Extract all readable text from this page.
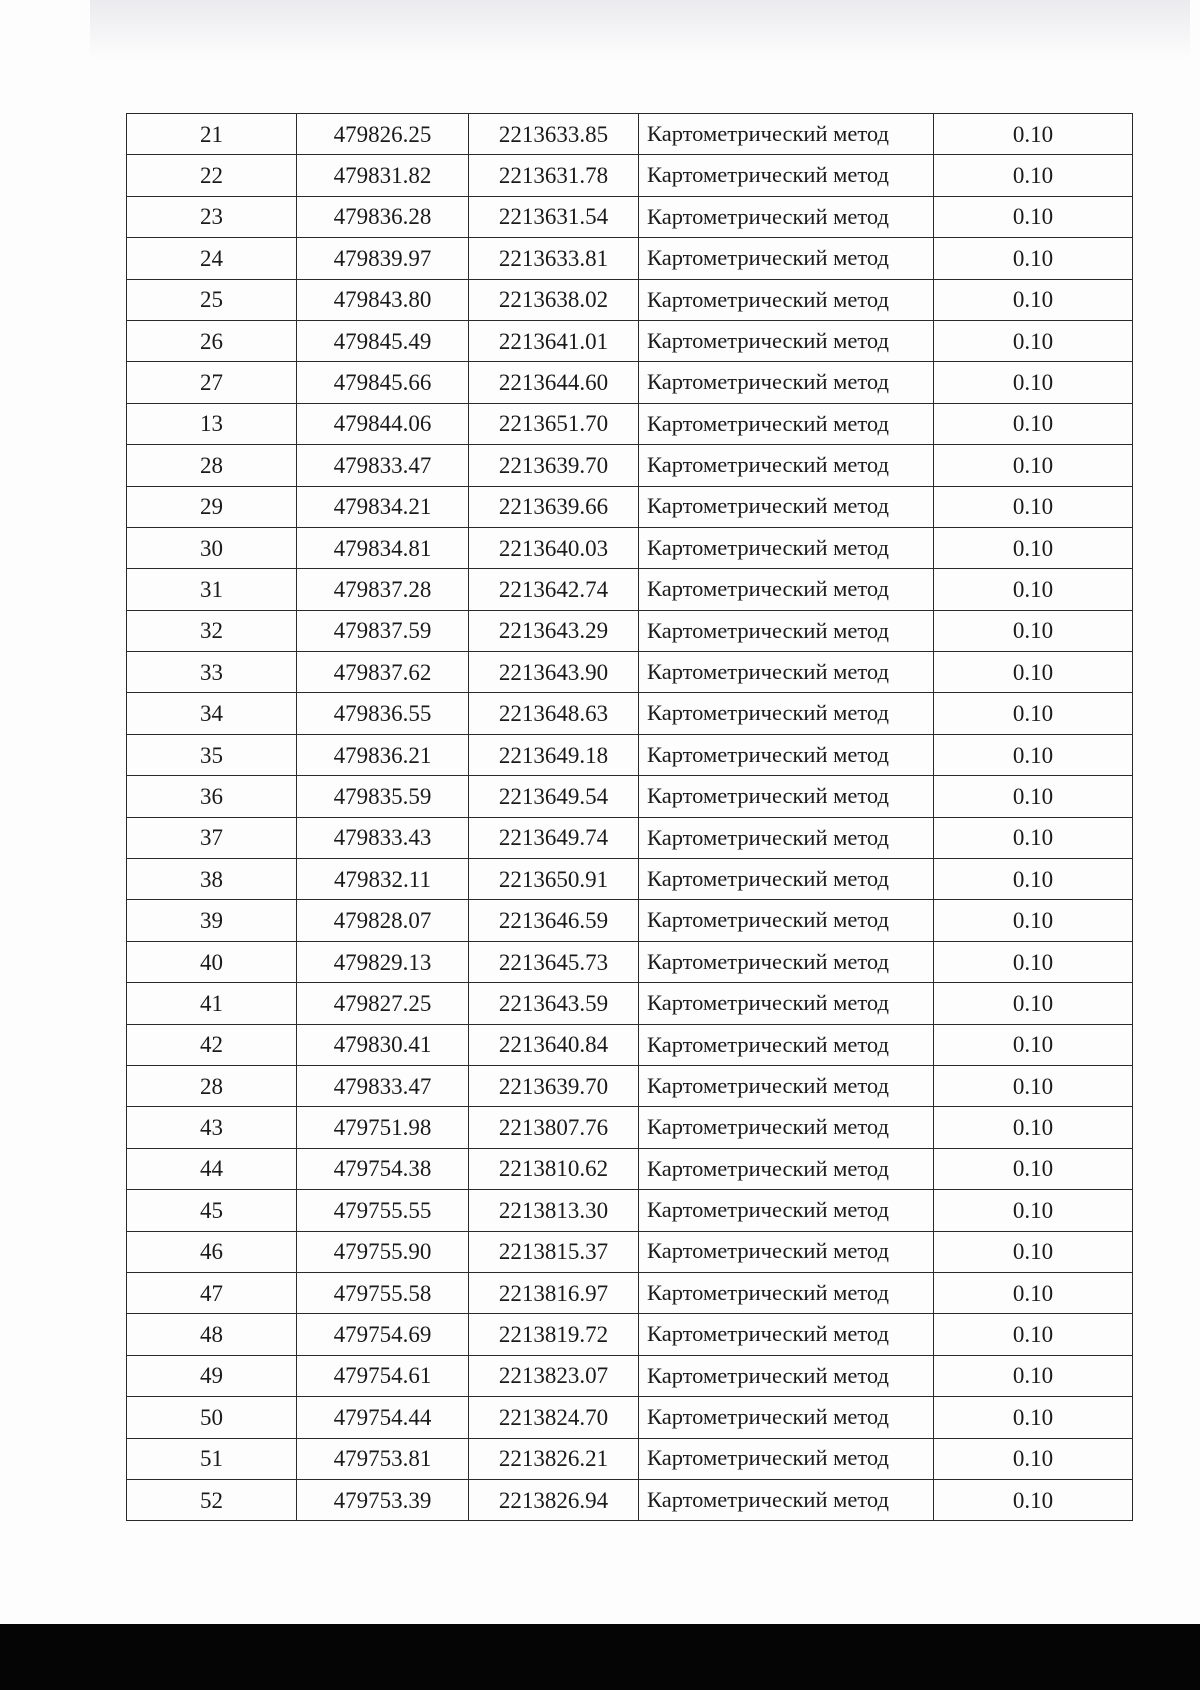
21	479826.25	2213633.85	Картометрический метод	0.10
22	479831.82	2213631.78	Картометрический метод	0.10
23	479836.28	2213631.54	Картометрический метод	0.10
24	479839.97	2213633.81	Картометрический метод	0.10
25	479843.80	2213638.02	Картометрический метод	0.10
26	479845.49	2213641.01	Картометрический метод	0.10
27	479845.66	2213644.60	Картометрический метод	0.10
13	479844.06	2213651.70	Картометрический метод	0.10
28	479833.47	2213639.70	Картометрический метод	0.10
29	479834.21	2213639.66	Картометрический метод	0.10
30	479834.81	2213640.03	Картометрический метод	0.10
31	479837.28	2213642.74	Картометрический метод	0.10
32	479837.59	2213643.29	Картометрический метод	0.10
33	479837.62	2213643.90	Картометрический метод	0.10
34	479836.55	2213648.63	Картометрический метод	0.10
35	479836.21	2213649.18	Картометрический метод	0.10
36	479835.59	2213649.54	Картометрический метод	0.10
37	479833.43	2213649.74	Картометрический метод	0.10
38	479832.11	2213650.91	Картометрический метод	0.10
39	479828.07	2213646.59	Картометрический метод	0.10
40	479829.13	2213645.73	Картометрический метод	0.10
41	479827.25	2213643.59	Картометрический метод	0.10
42	479830.41	2213640.84	Картометрический метод	0.10
28	479833.47	2213639.70	Картометрический метод	0.10
43	479751.98	2213807.76	Картометрический метод	0.10
44	479754.38	2213810.62	Картометрический метод	0.10
45	479755.55	2213813.30	Картометрический метод	0.10
46	479755.90	2213815.37	Картометрический метод	0.10
47	479755.58	2213816.97	Картометрический метод	0.10
48	479754.69	2213819.72	Картометрический метод	0.10
49	479754.61	2213823.07	Картометрический метод	0.10
50	479754.44	2213824.70	Картометрический метод	0.10
51	479753.81	2213826.21	Картометрический метод	0.10
52	479753.39	2213826.94	Картометрический метод	0.10
